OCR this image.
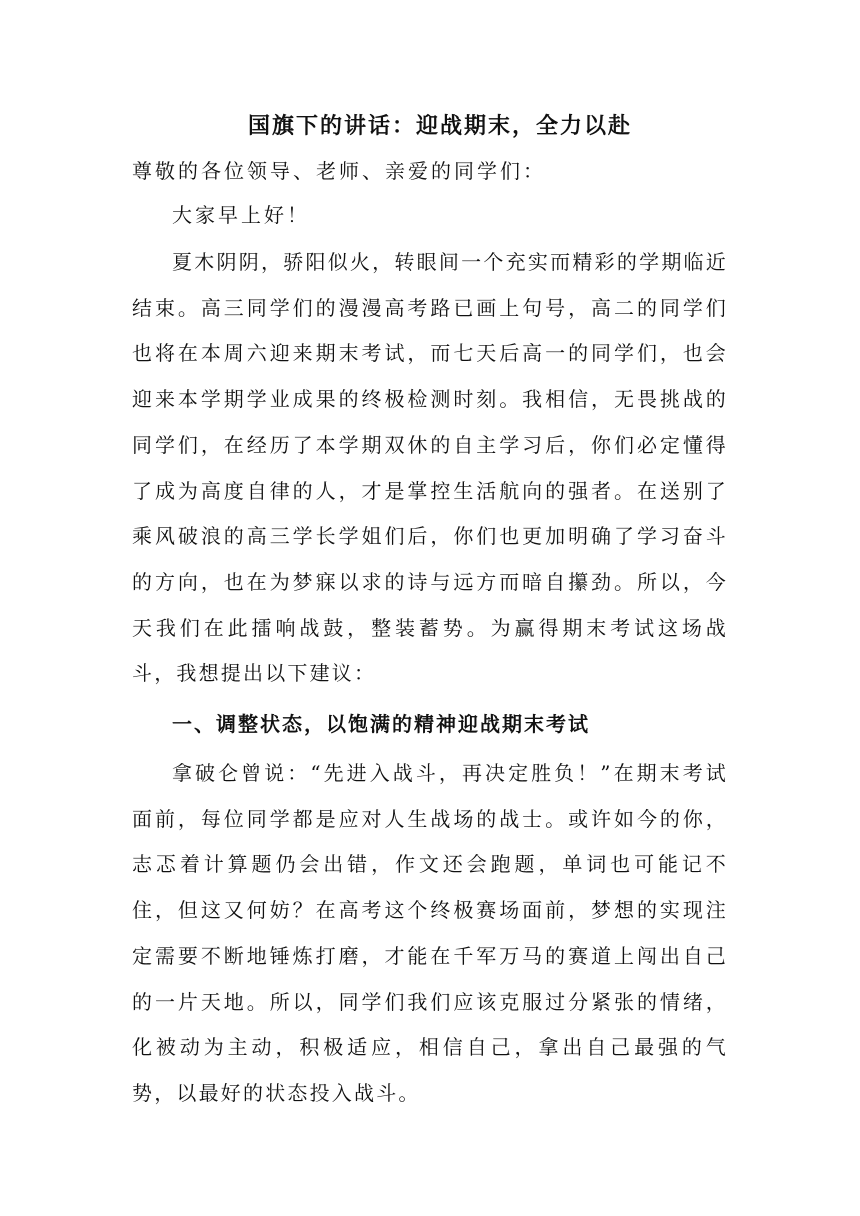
国旗下的讲话：迎战期末，全力以赴

尊敬的各位领导、老师、亲爱的同学们：

大家早上好！

夏木阴阴，骄阳似火，转眼间一个充实而精彩的学期临近结束。高三同学们的漫漫高考路已画上句号，高二的同学们也将在本周六迎来期末考试，而七天后高一的同学们，也会迎来本学期学业成果的终极检测时刻。我相信，无畏挑战的同学们，在经历了本学期双休的自主学习后，你们必定懂得了成为高度自律的人，才是掌控生活航向的强者。在送别了乘风破浪的高三学长学姐们后，你们也更加明确了学习奋斗的方向，也在为梦寐以求的诗与远方而暗自攥劲。所以，今天我们在此擂响战鼓，整装蓄势。为赢得期末考试这场战斗，我想提出以下建议：

一、调整状态，以饱满的精神迎战期末考试

拿破仑曾说：“先进入战斗，再决定胜负！”在期末考试面前，每位同学都是应对人生战场的战士。或许如今的你，志忑着计算题仍会出错，作文还会跑题，单词也可能记不住，但这又何妨？在高考这个终极赛场面前，梦想的实现注定需要不断地锤炼打磨，才能在千军万马的赛道上闯出自己的一片天地。所以，同学们我们应该克服过分紧张的情绪，化被动为主动，积极适应，相信自己，拿出自己最强的气势，以最好的状态投入战斗。
